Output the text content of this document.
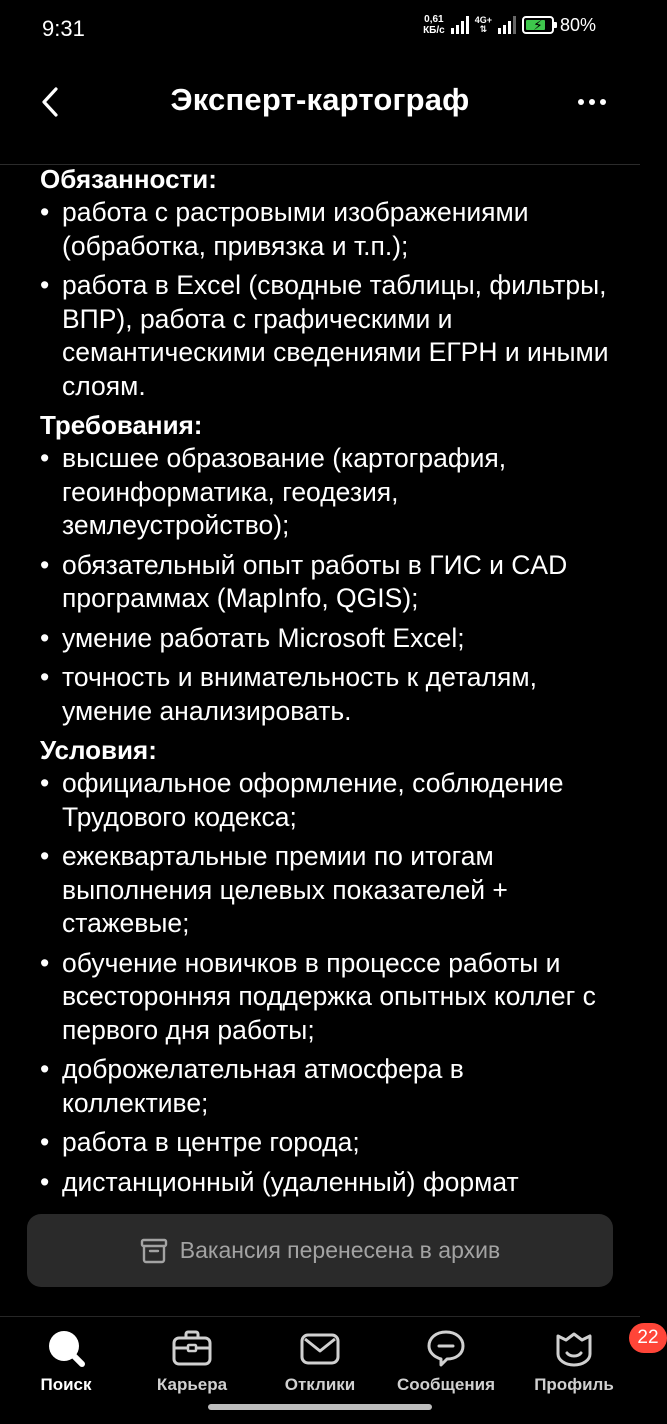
9:31	0,61
КБ/с
4G+
⇅	⚡ 80%
Эксперт-картограф
Обязанности:
• работа с растровыми изображениями (обработка, привязка и т.п.);
• работа в Excel (сводные таблицы, фильтры, ВПР), работа с графическими и семантическими сведениями ЕГРН и иными слоям.
Требования:
• высшее образование (картография, геоинформатика, геодезия, землеустройство);
• обязательный опыт работы в ГИС и CAD программах (MapInfo, QGIS);
• умение работать Microsoft Excel;
• точность и внимательность к деталям, умение анализировать.
Условия:
• официальное оформление, соблюдение Трудового кодекса;
• ежеквартальные премии по итогам выполнения целевых показателей + стажевые;
• обучение новичков в процессе работы и всесторонняя поддержка опытных коллег с первого дня работы;
• доброжелательная атмосфера в коллективе;
• работа в центре города;
• дистанционный (удаленный) формат
Вакансия перенесена в архив
Поиск	Карьера	Отклики Сообщения
22
Профиль
